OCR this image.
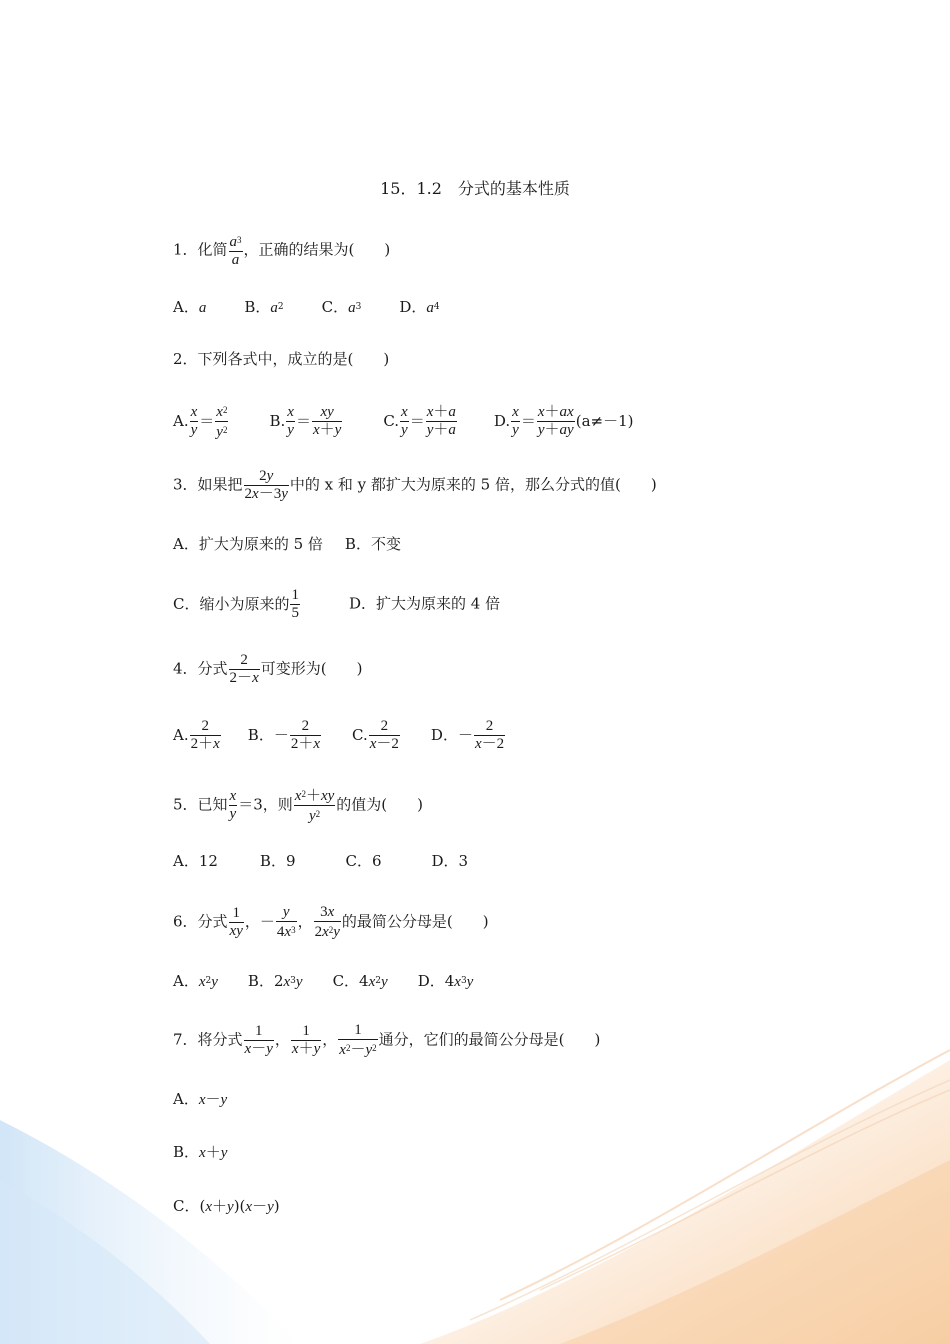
15．1.2　分式的基本性质
1．化简 $\frac{a^3}{a}$ ，正确的结果为(　　)
A．a	B．$a^2$	C．$a^3$	D．$a^4$
2．下列各式中，成立的是(　　)
A. $\frac{x}{y} = \frac{x^2}{y^2}$	B. $\frac{x}{y} = \frac{xy}{x+y}$	C. $\frac{x}{y} = \frac{x+a}{y+a} D$. $\frac{x}{y} = \frac{x+ax}{y+ay} (a\ne-1)$
3．如果把 $\frac{2y}{2x-3y}$ 中的 x 和 y 都扩大为原来的 5 倍，那么分式的值(　　)
A．扩大为原来的 5 倍 B．不变
C．缩小为原来的 $\frac{1}{5}$	D．扩大为原来的 4 倍
4．分式 $\frac{2}{2-x}$ 可变形为(　　)
A. $\frac{2}{2+x}$ B．－ $\frac{2}{2+x} C$. $\frac{2}{x-2}$ D．－ $\frac{2}{x-2}$
5．已知 $\frac{x}{y} =3$，则 $\frac{x^2+xy}{y^2}$ 的值为(　　)
A．12	B．9	C．6	D．3
6．分式 $\frac{1}{xy}$ ，－ $\frac{y}{4x^3}$ ， $\frac{3x}{2x^2y}$ 的最简公分母是(　　)
A．$x^2y$ B．$2x^3y$ C．$4x^2y$ D．$4x^3y$
7．将分式 $\frac{1}{x-y}$ ， $\frac{1}{x+y}$ ， $\frac{1}{x^2-y^2}$ 通分，它们的最简公分母是(　　)
A．x－y
B．x＋y
C．(x＋y)(x－y)
